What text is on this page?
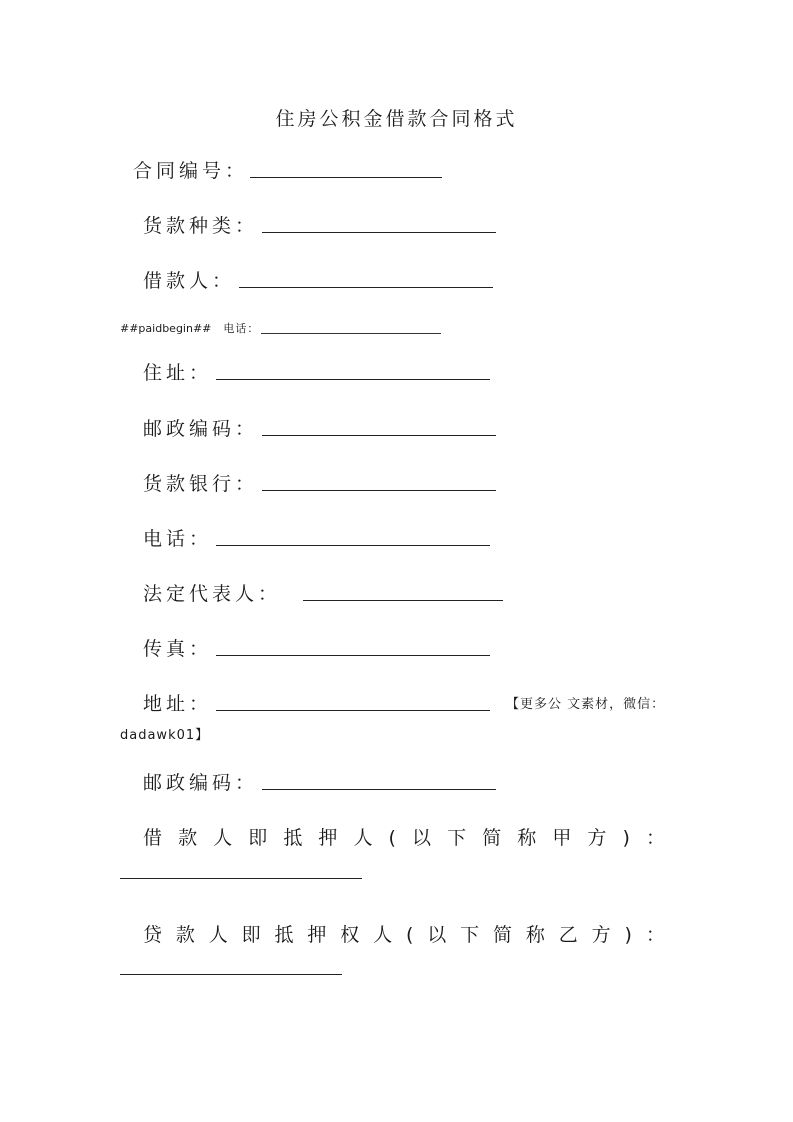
住房公积金借款合同格式
合同编号：
货款种类：
借款人：
##paidbegin## 电话：
住址：
邮政编码：
货款银行：
电话：
法定代表人：
传真：
地址：	【更多公 文素材，微信：
dadawk01】
邮政编码：
借 款 人 即 抵 押 人 ( 以 下 简 称 甲 方 ) ：
贷 款 人 即 抵 押 权 人 ( 以 下 简 称 乙 方 ) ：
